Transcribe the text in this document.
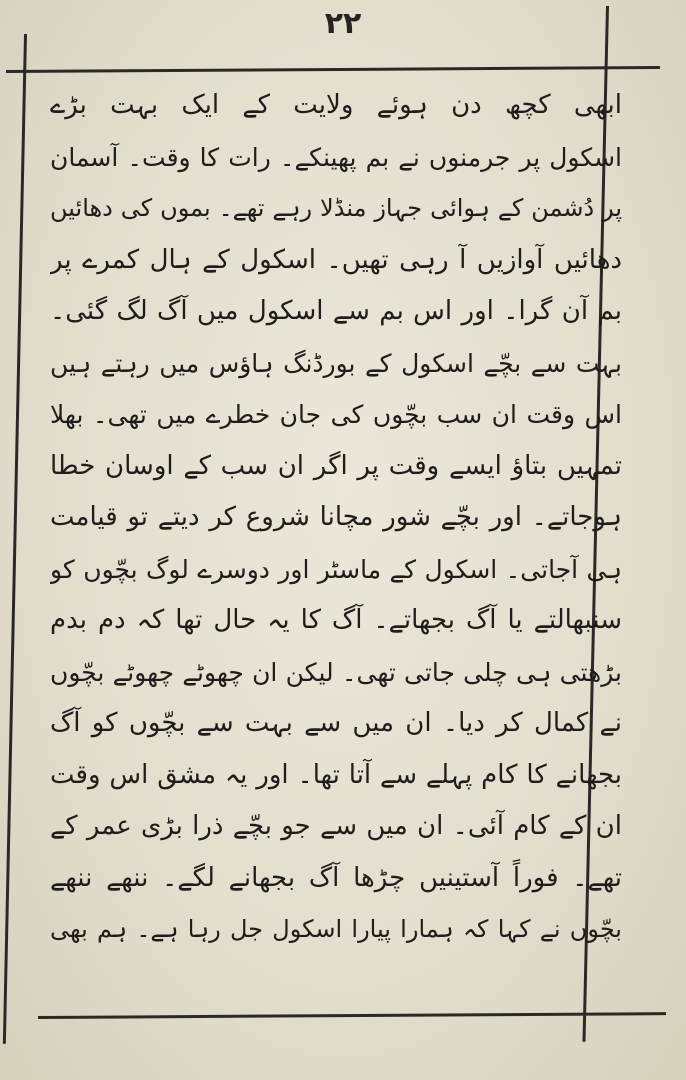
۲۲
ابھی کچھ دن ہوئے ولایت کے ایک بہت بڑے
اسکول پر جرمنوں نے بم پھینکے۔ رات کا وقت۔ آسمان
پر دُشمن کے ہوائی جہاز منڈلا رہے تھے۔ بموں کی دھائیں
دھائیں آوازیں آ رہی تھیں۔ اسکول کے ہال کمرے پر
بم آن گرا۔ اور اس بم سے اسکول میں آگ لگ گئی۔
بہت سے بچّے اسکول کے بورڈنگ ہاؤس میں رہتے ہیں
اس وقت ان سب بچّوں کی جان خطرے میں تھی۔ بھلا
تمہیں بتاؤ ایسے وقت پر اگر ان سب کے اوسان خطا
ہوجاتے۔ اور بچّے شور مچانا شروع کر دیتے تو قیامت
ہی آجاتی۔ اسکول کے ماسٹر اور دوسرے لوگ بچّوں کو
سنبھالتے یا آگ بجھاتے۔ آگ کا یہ حال تھا کہ دم بدم
بڑھتی ہی چلی جاتی تھی۔ لیکن ان چھوٹے چھوٹے بچّوں
نے کمال کر دیا۔ ان میں سے بہت سے بچّوں کو آگ
بجھانے کا کام پہلے سے آتا تھا۔ اور یہ مشق اس وقت
ان کے کام آئی۔ ان میں سے جو بچّے ذرا بڑی عمر کے
تھے۔ فوراً آستینیں چڑھا آگ بجھانے لگے۔ ننھے ننھے
بچّوں نے کہا کہ ہمارا پیارا اسکول جل رہا ہے۔ ہم بھی
